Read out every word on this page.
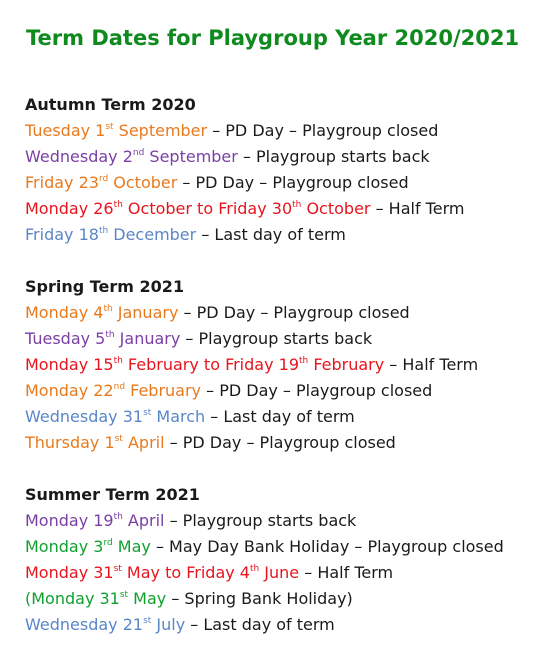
Term Dates for Playgroup Year 2020/2021
Autumn Term 2020
Tuesday 1st September – PD Day – Playgroup closed
Wednesday 2nd September – Playgroup starts back
Friday 23rd October – PD Day – Playgroup closed
Monday 26th October to Friday 30th October – Half Term
Friday 18th December – Last day of term
Spring Term 2021
Monday 4th January – PD Day – Playgroup closed
Tuesday 5th January – Playgroup starts back
Monday 15th February to Friday 19th February – Half Term
Monday 22nd February – PD Day – Playgroup closed
Wednesday 31st March – Last day of term
Thursday 1st April – PD Day – Playgroup closed
Summer Term 2021
Monday 19th April – Playgroup starts back
Monday 3rd May – May Day Bank Holiday – Playgroup closed
Monday 31st May to Friday 4th June – Half Term
(Monday 31st May – Spring Bank Holiday)
Wednesday 21st July – Last day of term
